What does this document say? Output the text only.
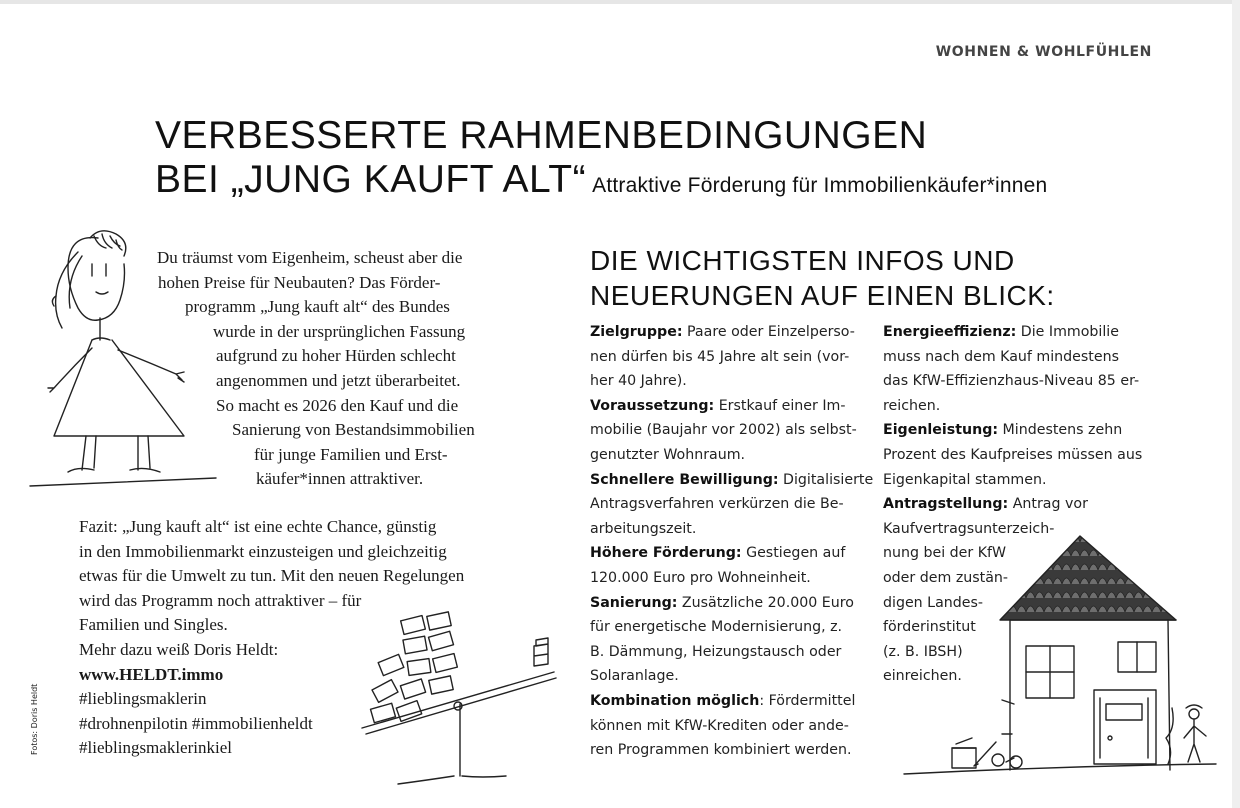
WOHNEN & WOHLFÜHLEN
VERBESSERTE RAHMENBEDINGUNGEN
BEI „JUNG KAUFT ALT“ Attraktive Förderung für Immobilienkäufer*innen
Du träumst vom Eigenheim, scheust aber die
hohen Preise für Neubauten? Das Förder-
programm „Jung kauft alt“ des Bundes
wurde in der ursprünglichen Fassung
aufgrund zu hoher Hürden schlecht
angenommen und jetzt überarbeitet.
So macht es 2026 den Kauf und die
Sanierung von Bestandsimmobilien
für junge Familien und Erst-
käufer*innen attraktiver.
Fazit: „Jung kauft alt“ ist eine echte Chance, günstig
in den Immobilienmarkt einzusteigen und gleichzeitig
etwas für die Umwelt zu tun. Mit den neuen Regelungen
wird das Programm noch attraktiver – für
Familien und Singles.
Mehr dazu weiß Doris Heldt:
www.HELDT.immo
#lieblingsmaklerin
#drohnenpilotin #immobilienheldt
#lieblingsmaklerinkiel
Fotos: Doris Heldt
DIE WICHTIGSTEN INFOS UND
NEUERUNGEN AUF EINEN BLICK:
Zielgruppe: Paare oder Einzelperso-
nen dürfen bis 45 Jahre alt sein (vor-
her 40 Jahre).
Voraussetzung: Erstkauf einer Im-
mobilie (Baujahr vor 2002) als selbst-
genutzter Wohnraum.
Schnellere Bewilligung: Digitalisierte
Antragsverfahren verkürzen die Be-
arbeitungszeit.
Höhere Förderung: Gestiegen auf
120.000 Euro pro Wohneinheit.
Sanierung: Zusätzliche 20.000 Euro
für energetische Modernisierung, z.
B. Dämmung, Heizungstausch oder
Solaranlage.
Kombination möglich: Fördermittel
können mit KfW-Krediten oder ande-
ren Programmen kombiniert werden.
Energieeffizienz: Die Immobilie
muss nach dem Kauf mindestens
das KfW-Effizienzhaus-Niveau 85 er-
reichen.
Eigenleistung: Mindestens zehn
Prozent des Kaufpreises müssen aus
Eigenkapital stammen.
Antragstellung: Antrag vor
Kaufvertragsunterzeich-
nung bei der KfW
oder dem zustän-
digen Landes-
förderinstitut
(z. B. IBSH)
einreichen.
